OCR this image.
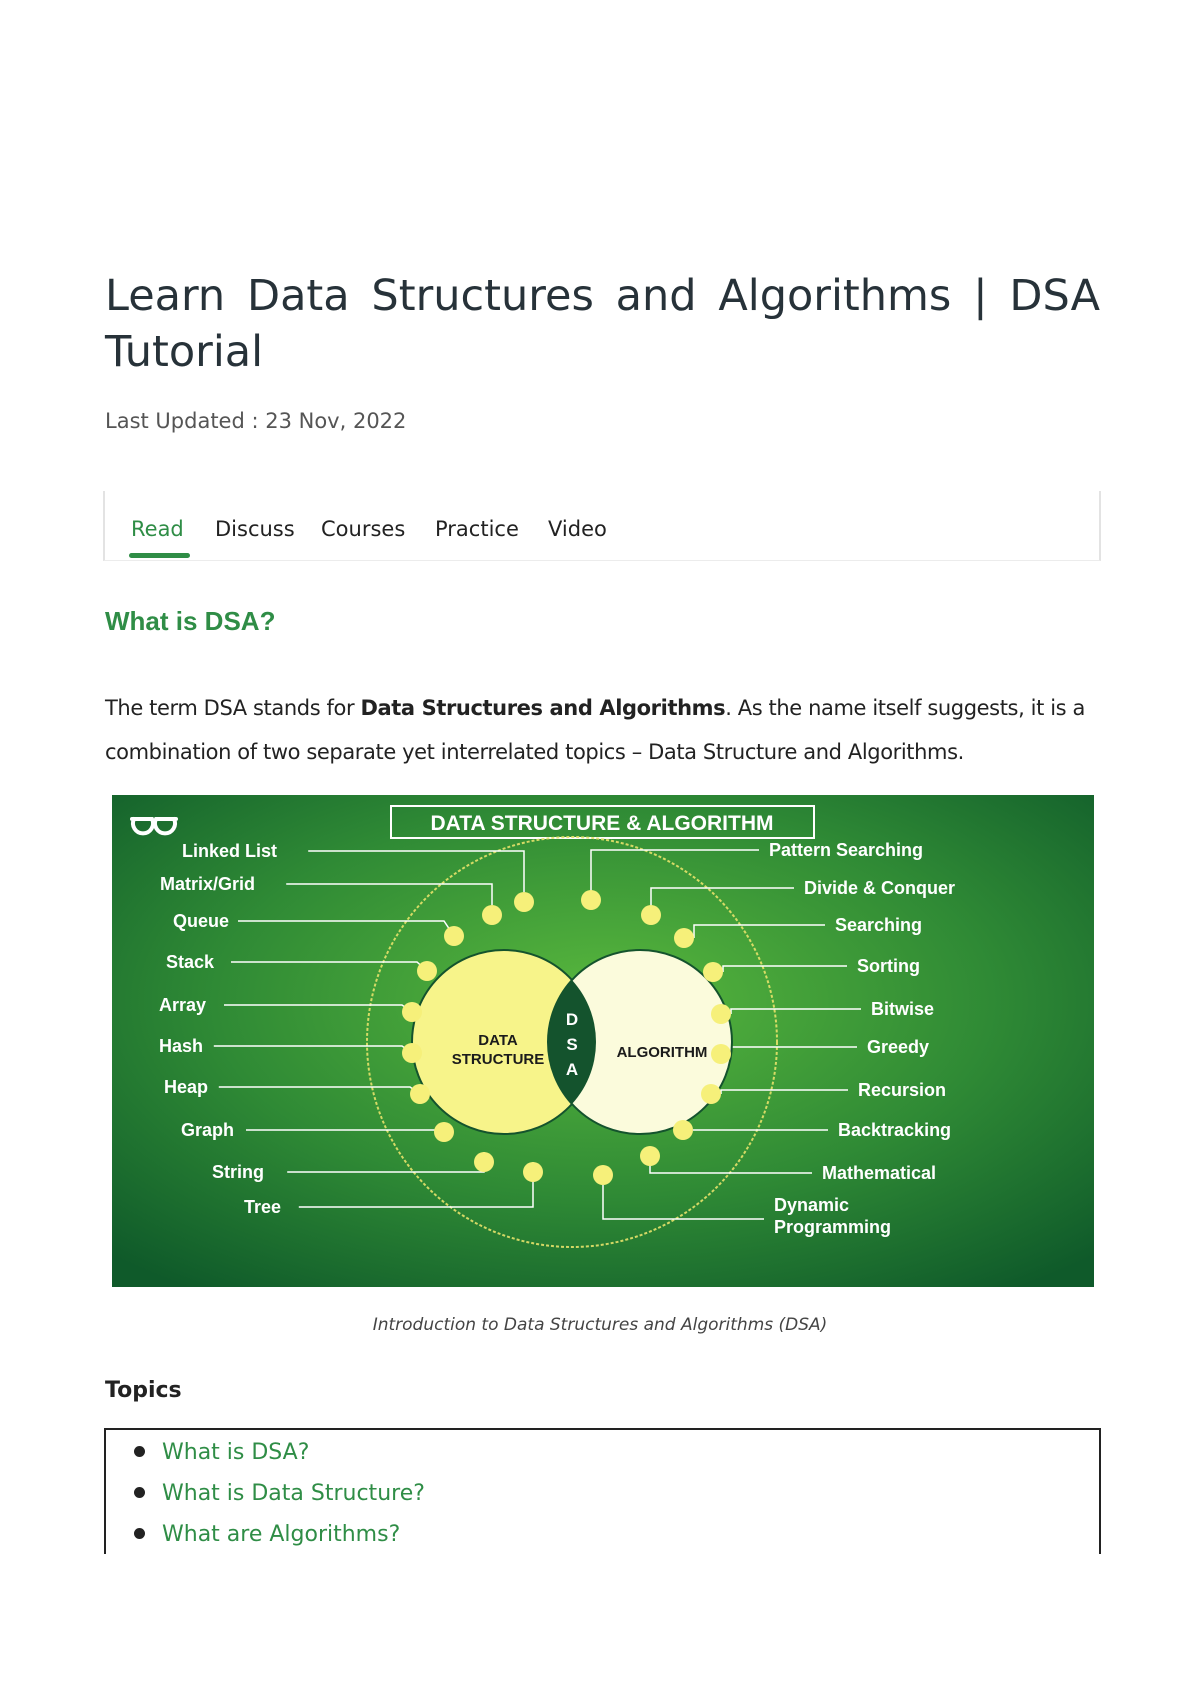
Learn Data Structures and Algorithms | DSA Tutorial
Last Updated : 23 Nov, 2022
Read Discuss Courses Practice Video
What is DSA?

The term DSA stands for Data Structures and Algorithms. As the name itself suggests, it is a combination of two separate yet interrelated topics – Data Structure and Algorithms.

DATA STRUCTURE & ALGORITHM
DATA
STRUCTURE	ALGORITHM
D
S
A
Linked List
Matrix/Grid
Queue
Stack
Array
Hash
Heap
Graph
String
Tree
Pattern Searching
Divide & Conquer
Searching
Sorting
Bitwise
Greedy
Recursion
Backtracking
Mathematical
Dynamic
Programming
Introduction to Data Structures and Algorithms (DSA)
Topics
What is DSA?
What is Data Structure?
What are Algorithms?
